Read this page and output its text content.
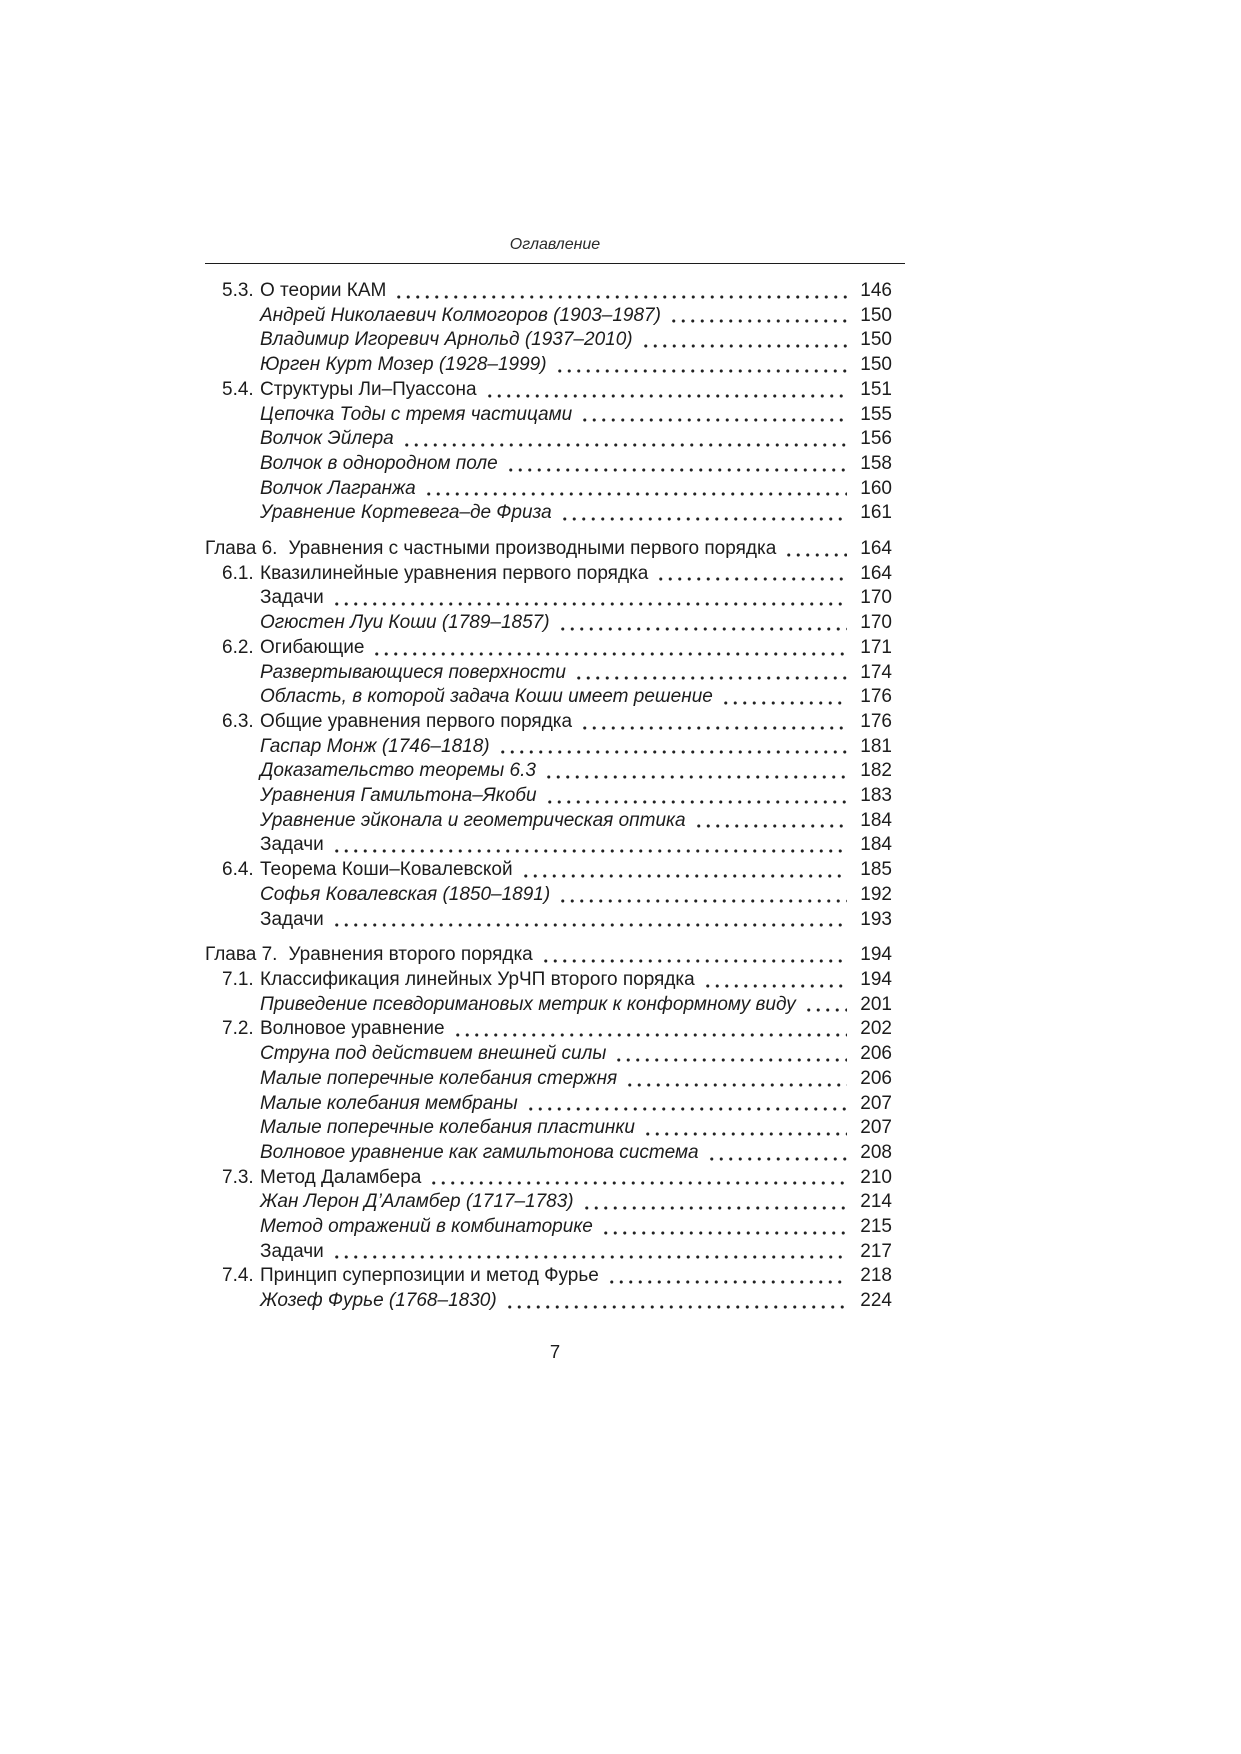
Оглавление
5.3. О теории КАМ	146
Андрей Николаевич Колмогоров (1903–1987)	150
Владимир Игоревич Арнольд (1937–2010)	150
Юрген Курт Мозер (1928–1999)	150
5.4. Структуры Ли–Пуассона	151
Цепочка Тоды с тремя частицами	155
Волчок Эйлера	156
Волчок в однородном поле	158
Волчок Лагранжа	160
Уравнение Кортевега–де Фриза	161
Глава 6. Уравнения с частными производными первого порядка	164
6.1. Квазилинейные уравнения первого порядка	164
Задачи	170
Огюстен Луи Коши (1789–1857)	170
6.2. Огибающие	171
Развертывающиеся поверхности	174
Область, в которой задача Коши имеет решение	176
6.3. Общие уравнения первого порядка	176
Гаспар Монж (1746–1818)	181
Доказательство теоремы 6.3	182
Уравнения Гамильтона–Якоби	183
Уравнение эйконала и геометрическая оптика	184
Задачи	184
6.4. Теорема Коши–Ковалевской	185
Софья Ковалевская (1850–1891)	192
Задачи	193
Глава 7. Уравнения второго порядка	194
7.1. Классификация линейных УрЧП второго порядка	194
Приведение псевдоримановых метрик к конформному виду	201
7.2. Волновое уравнение	202
Струна под действием внешней силы	206
Малые поперечные колебания стержня	206
Малые колебания мембраны	207
Малые поперечные колебания пластинки	207
Волновое уравнение как гамильтонова система	208
7.3. Метод Даламбера	210
Жан Лерон Д’Аламбер (1717–1783)	214
Метод отражений в комбинаторике	215
Задачи	217
7.4. Принцип суперпозиции и метод Фурье	218
Жозеф Фурье (1768–1830)	224
7
